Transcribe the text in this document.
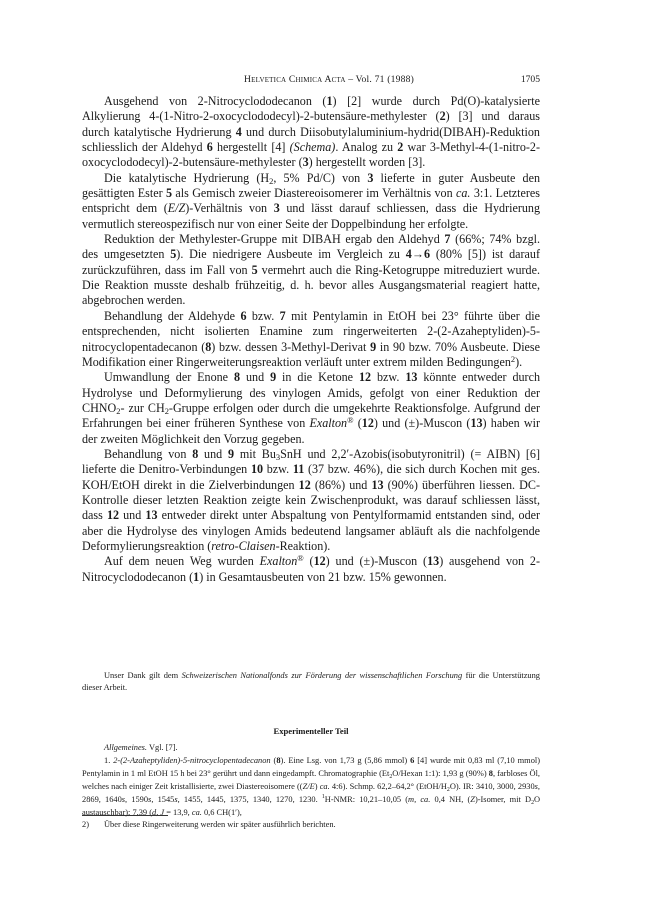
Helvetica Chimica Acta – Vol. 71 (1988)	1705

Ausgehend von 2-Nitrocyclododecanon (1) [2] wurde durch Pd(O)-katalysierte Alkylierung 4-(1-Nitro-2-oxocyclododecyl)-2-butensäure-methylester (2) [3] und daraus durch katalytische Hydrierung 4 und durch Diisobutylaluminium-hydrid(DIBAH)-Reduktion schliesslich der Aldehyd 6 hergestellt [4] (Schema). Analog zu 2 war 3-Methyl-4-(1-nitro-2-oxocyclododecyl)-2-butensäure-methylester (3) hergestellt worden [3].

Die katalytische Hydrierung ($H_2$, 5% Pd/C) von 3 lieferte in guter Ausbeute den gesättigten Ester 5 als Gemisch zweier Diastereoisomerer im Verhältnis von ca. 3:1. Letzteres entspricht dem (E/Z)-Verhältnis von 3 und lässt darauf schliessen, dass die Hydrierung vermutlich stereospezifisch nur von einer Seite der Doppelbindung her erfolgte.

Reduktion der Methylester-Gruppe mit DIBAH ergab den Aldehyd 7 (66%; 74% bzgl. des umgesetzten 5). Die niedrigere Ausbeute im Vergleich zu 4→6 (80% [5]) ist darauf zurückzuführen, dass im Fall von 5 vermehrt auch die Ring-Ketogruppe mitreduziert wurde. Die Reaktion musste deshalb frühzeitig, d. h. bevor alles Ausgangsmaterial reagiert hatte, abgebrochen werden.

Behandlung der Aldehyde 6 bzw. 7 mit Pentylamin in EtOH bei 23° führte über die entsprechenden, nicht isolierten Enamine zum ringerweiterten 2-(2-Azaheptyliden)-5-nitrocyclopentadecanon (8) bzw. dessen 3-Methyl-Derivat 9 in 90 bzw. 70% Ausbeute. Diese Modifikation einer Ringerweiterungsreaktion verläuft unter extrem milden Bedingungen$^2$).

Umwandlung der Enone 8 und 9 in die Ketone 12 bzw. 13 könnte entweder durch Hydrolyse und Deformylierung des vinylogen Amids, gefolgt von einer Reduktion der $CHNO_2-$ zur $CH_2$-Gruppe erfolgen oder durch die umgekehrte Reaktionsfolge. Aufgrund der Erfahrungen bei einer früheren Synthese von Exalton® (12) und (±)-Muscon (13) haben wir der zweiten Möglichkeit den Vorzug gegeben.

Behandlung von 8 und 9 mit $Bu_3SnH$ und 2,2′-Azobis(isobutyronitril) (= AIBN) [6] lieferte die Denitro-Verbindungen 10 bzw. 11 (37 bzw. 46%), die sich durch Kochen mit ges. KOH/EtOH direkt in die Zielverbindungen 12 (86%) und 13 (90%) überführen liessen. DC-Kontrolle dieser letzten Reaktion zeigte kein Zwischenprodukt, was darauf schliessen lässt, dass 12 und 13 entweder direkt unter Abspaltung von Pentylformamid entstanden sind, oder aber die Hydrolyse des vinylogen Amids bedeutend langsamer abläuft als die nachfolgende Deformylierungsreaktion (retro-Claisen-Reaktion).

Auf dem neuen Weg wurden Exalton® (12) und (±)-Muscon (13) ausgehend von 2-Nitrocyclododecanon (1) in Gesamtausbeuten von 21 bzw. 15% gewonnen.

Unser Dank gilt dem Schweizerischen Nationalfonds zur Förderung der wissenschaftlichen Forschung für die Unterstützung dieser Arbeit.

Experimenteller Teil

Allgemeines. Vgl. [7].

1. 2-(2-Azaheptyliden)-5-nitrocyclopentadecanon (8). Eine Lsg. von 1,73 g (5,86 mmol) 6 [4] wurde mit 0,83 ml (7,10 mmol) Pentylamin in 1 ml EtOH 15 h bei 23° gerührt und dann eingedampft. Chromatographie ($Et_2O$/Hexan 1:1): 1,93 g (90%) 8, farbloses Öl, welches nach einiger Zeit kristallisierte, zwei Diastereoisomere ((Z/E) ca. 4:6). Schmp. 62,2–64,2° $(EtOH/H_2O)$. IR: 3410, 3000, 2930s, 2869, 1640s, 1590s, 1545s, 1455, 1445, 1375, 1340, 1270, 1230. $^1$H-NMR: 10,21–10,05 (m, ca. 0,4 NH, (Z)-Isomer, mit $D_2O$ austauschbar); 7,39 (d, J = 13,9, ca. 0,6 CH(1′),

2) Über diese Ringerweiterung werden wir später ausführlich berichten.
